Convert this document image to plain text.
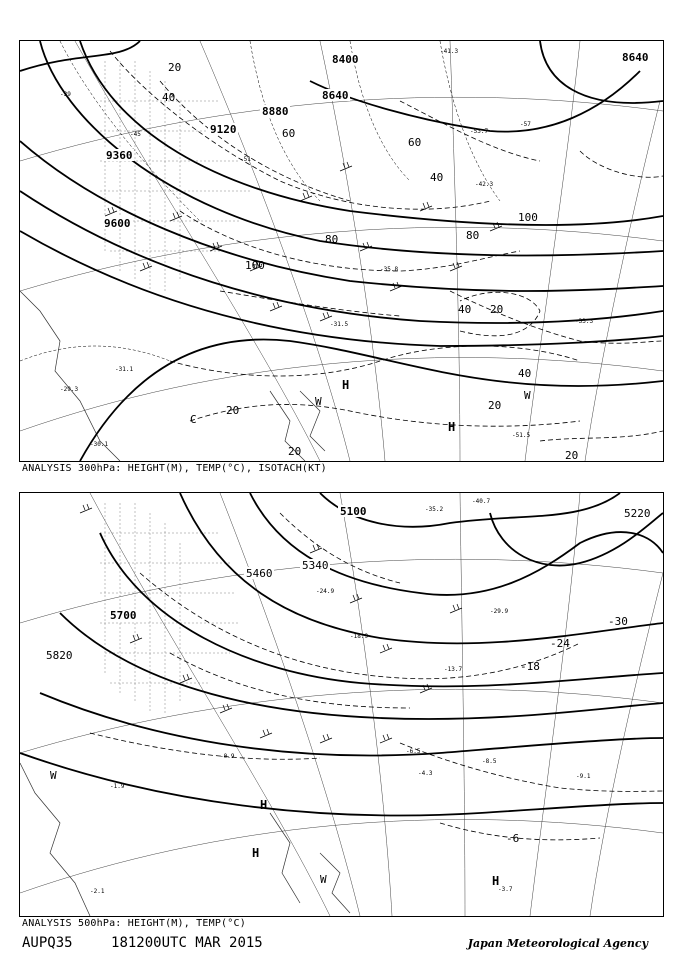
8400
8640
8880
9120
9360
9600
8640
20
40
60
80
100
100
80
60
40
40 20
20	20
20
40
20
-39
-45
-51
-57
-41.3
-53.7
-33.3
-35.8
-31.5
-29.3
-31.1
-51.5
-42.3
-30.1
H
H
W	W
C
ANALYSIS 300hPa: HEIGHT(M), TEMP(°C), ISOTACH(KT)
5100	5220
5460
5700
5820
5340
-30
-24
-18
-6
-40.7
-35.2
-29.9
-24.9
-18.9
-13.7
-9.1
-8.5
-6.5
-4.3
-3.7
-2.1
-1.9
-0.9
H
H
H
W
W
ANALYSIS 500hPa: HEIGHT(M), TEMP(°C)
AUPQ35	181200UTC MAR 2015	Japan Meteorological Agency
